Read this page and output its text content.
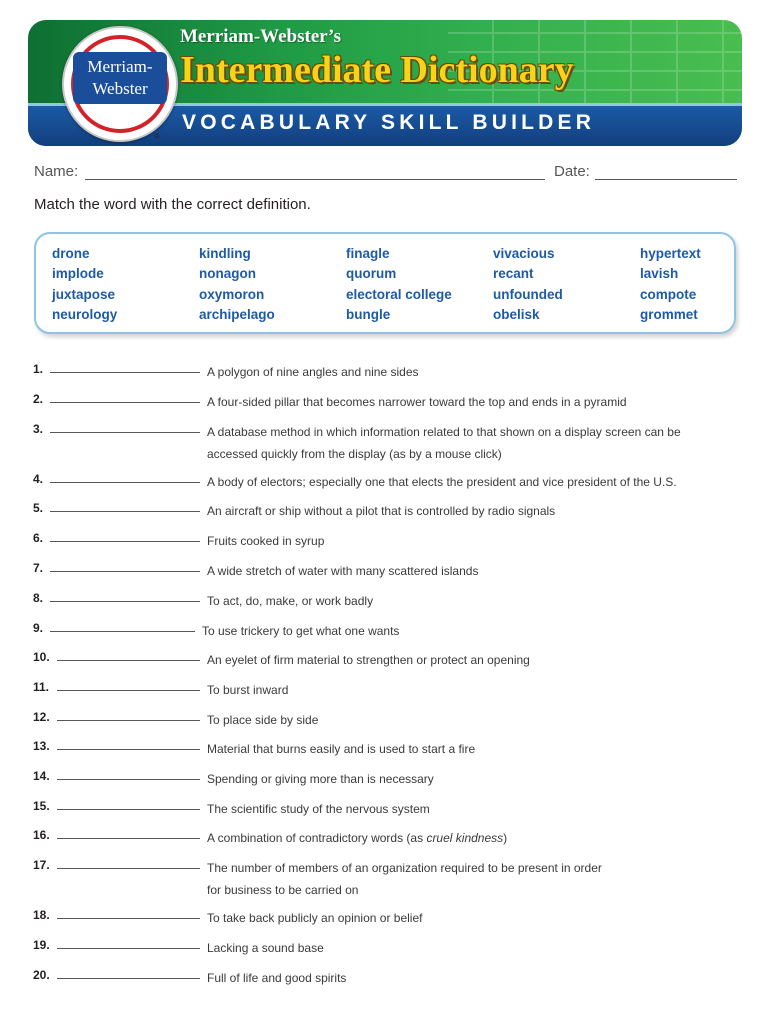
Merriam-
Webster
®
Merriam-Webster’s
Intermediate Dictionary
VOCABULARY SKILL BUILDER
Name:	Date:
Match the word with the correct definition.
drone
implode
juxtapose
neurology
kindling
nonagon
oxymoron
archipelago
finagle
quorum
electoral college
bungle
vivacious
recant
unfounded
obelisk
hypertext
lavish
compote
grommet
1.	A polygon of nine angles and nine sides
2.	A four-sided pillar that becomes narrower toward the top and ends in a pyramid
3.	A database method in which information related to that shown on a display screen can be
accessed quickly from the display (as by a mouse click)
4.	A body of electors; especially one that elects the president and vice president of the U.S.
5.	An aircraft or ship without a pilot that is controlled by radio signals
6.	Fruits cooked in syrup
7.	A wide stretch of water with many scattered islands
8.	To act, do, make, or work badly
9.	To use trickery to get what one wants
10.	An eyelet of firm material to strengthen or protect an opening
11.	To burst inward
12.	To place side by side
13.	Material that burns easily and is used to start a fire
14.	Spending or giving more than is necessary
15.	The scientific study of the nervous system
16.	A combination of contradictory words (as cruel kindness)
17.	The number of members of an organization required to be present in order
for business to be carried on
18.	To take back publicly an opinion or belief
19.	Lacking a sound base
20.	Full of life and good spirits
